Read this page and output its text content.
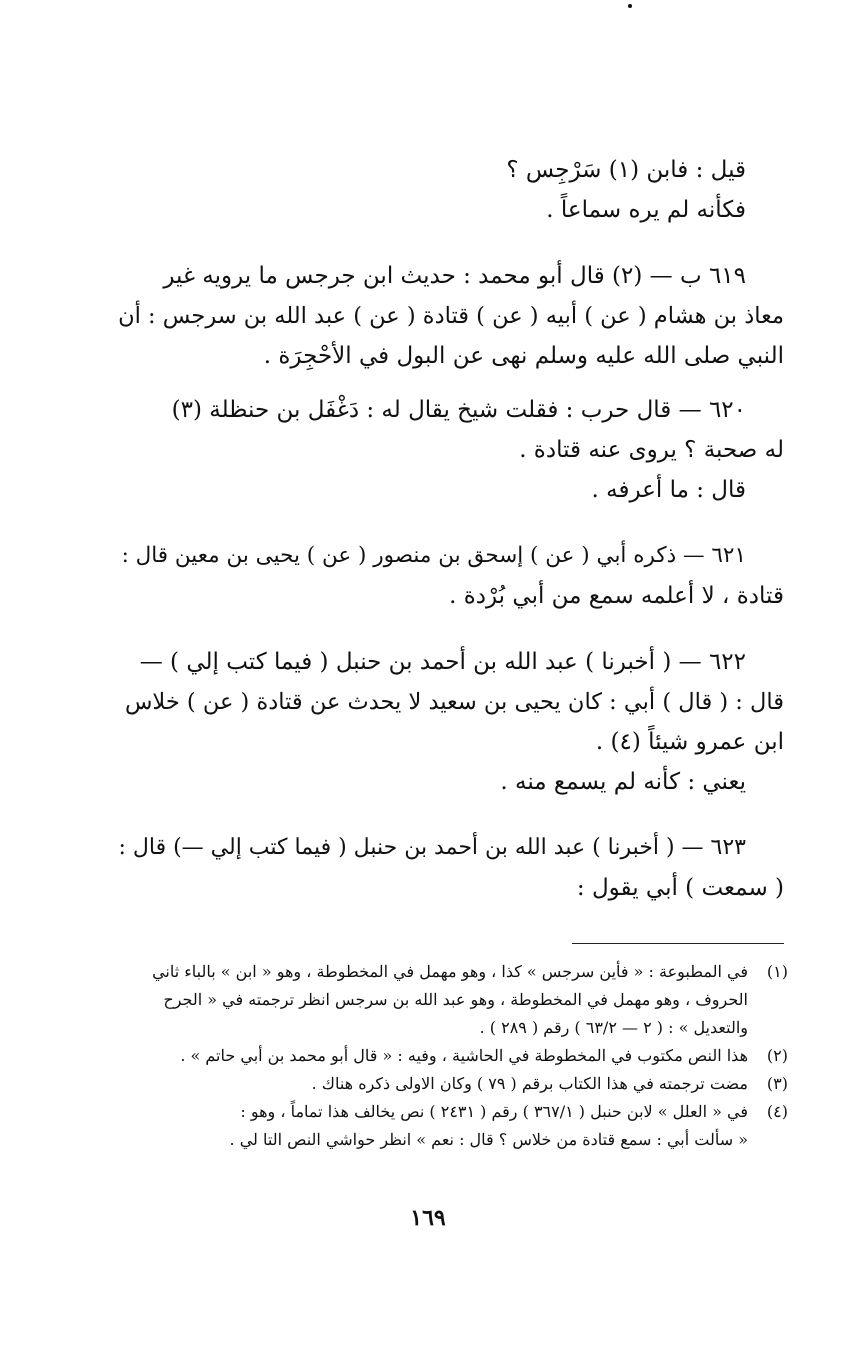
قيل : فابن (١) سَرْجِس ؟
فكأنه لم يره سماعاً .

٦١٩ ب — (٢) قال أبو محمد : حديث ابن جرجس ما يرويه غير
معاذ بن هشام ( عن ) أبيه ( عن ) قتادة ( عن ) عبد الله بن سرجس : أن
النبي صلى الله عليه وسلم نهى عن البول في الأحْجِرَة .

٦٢٠ — قال حرب : فقلت شيخ يقال له : دَغْفَل بن حنظلة (٣)
له صحبة ؟ يروى عنه قتادة .
قال : ما أعرفه .

٦٢١ — ذكره أبي ( عن ) إسحق بن منصور ( عن ) يحيى بن معين قال :
قتادة ، لا أعلمه سمع من أبي بُرْدة .

٦٢٢ — ( أخبرنا ) عبد الله بن أحمد بن حنبل ( فيما كتب إلي ) —
قال : ( قال ) أبي : كان يحيى بن سعيد لا يحدث عن قتادة ( عن ) خلاس
ابن عمرو شيئاً (٤) .
يعني : كأنه لم يسمع منه .

٦٢٣ — ( أخبرنا ) عبد الله بن أحمد بن حنبل ( فيما كتب إلي —) قال :
( سمعت ) أبي يقول :

(١)
في المطبوعة : « فأين سرجس » كذا ، وهو مهمل في المخطوطة ، وهو « ابن » بالباء ثاني
الحروف ، وهو مهمل في المخطوطة ، وهو عبد الله بن سرجس انظر ترجمته في « الجرح
والتعديل » : ( ٢ — ٦٣/٢ ) رقم ( ٢٨٩ ) .
(٢)
هذا النص مكتوب في المخطوطة في الحاشية ، وفيه : « قال أبو محمد بن أبي حاتم » .
(٣)
مضت ترجمته في هذا الكتاب برقم ( ٧٩ ) وكان الاولى ذكره هناك .
(٤)
في « العلل » لابن حنبل ( ٣٦٧/١ ) رقم ( ٢٤٣١ ) نص يخالف هذا تماماً ، وهو :
« سألت أبي : سمع قتادة من خلاس ؟ قال : نعم » انظر حواشي النص التا لي .
١٦٩
